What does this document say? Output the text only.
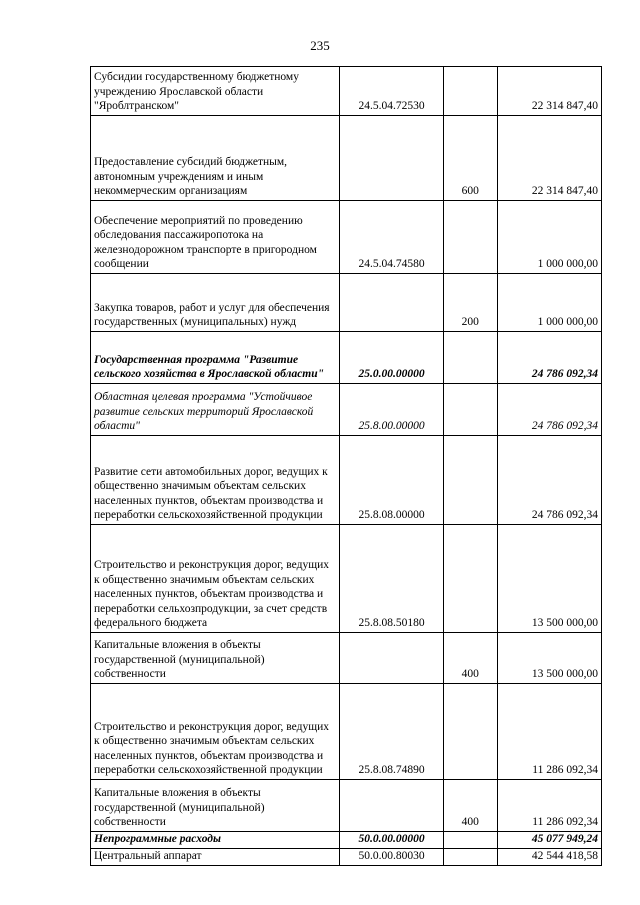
235
Субсидии государственному бюджетному учреждению Ярославской области "Яроблтранском"	24.5.04.72530		22 314 847,40
Предоставление субсидий бюджетным, автономным учреждениям и иным некоммерческим организациям		600	22 314 847,40
Обеспечение мероприятий по проведению обследования пассажиропотока на железнодорожном транспорте в пригородном сообщении	24.5.04.74580		1 000 000,00
Закупка товаров, работ и услуг для обеспечения государственных (муниципальных) нужд		200	1 000 000,00
Государственная программа "Развитие сельского хозяйства в Ярославской области"	25.0.00.00000		24 786 092,34
Областная целевая программа "Устойчивое развитие сельских территорий Ярославской области"	25.8.00.00000		24 786 092,34
Развитие сети автомобильных дорог, ведущих к общественно значимым объектам сельских населенных пунктов, объектам производства и переработки сельскохозяйственной продукции	25.8.08.00000		24 786 092,34
Строительство и реконструкция дорог, ведущих к общественно значимым объектам сельских населенных пунктов, объектам производства и переработки сельхозпродукции, за счет средств федерального бюджета	25.8.08.50180		13 500 000,00
Капитальные вложения в объекты государственной (муниципальной) собственности		400	13 500 000,00
Строительство и реконструкция дорог, ведущих к общественно значимым объектам сельских населенных пунктов, объектам производства и переработки сельскохозяйственной продукции	25.8.08.74890		11 286 092,34
Капитальные вложения в объекты государственной (муниципальной) собственности		400	11 286 092,34
Непрограммные расходы	50.0.00.00000		45 077 949,24
Центральный аппарат	50.0.00.80030		42 544 418,58
